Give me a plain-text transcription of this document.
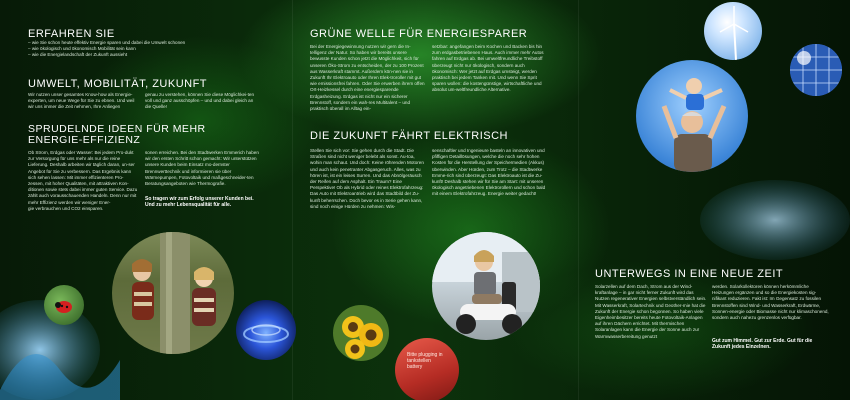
ERFAHREN SIE
– wie Sie schon heute effektiv Energie sparen und dabei die Umwelt schonen
– wie ökologisch und ökonomisch Mobilität sein kann
– wie die Energielandschaft der Zukunft aussieht
UMWELT, MOBILITÄT, ZUKUNFT

Wir nutzen unser gesamtes Know-how als Energie-experten, um neue Wege für Sie zu ebnen. Und weil wir uns immer die Zeit nehmen, Ihre Anliegen

genau zu verstehen, können Sie diese Möglichkei-ten voll und ganz ausschöpfen – und und dabei gleich an die Quelle!

SPRUDELNDE IDEEN FÜR MEHR ENERGIE-EFFIZIENZ

Ob Strom, Erdgas oder Wasser: Bei jedem Pro-dukt zur Versorgung für uns mehr als nur die reine Lieferung. Deshalb arbeiten wir täglich daran, un-ser Angebot für Sie zu verbessern. Das Ergebnis kann sich sehen lassen: Mit immer effizienteren Pro-zessen, mit hoher Qualitäten, mit attraktiven Kon-ditionen sowie stets dabei immer guten Service. Dazu zählt auch vorausschauenden Handeln. Denn nur mit mehr Effizienz werden wir weniger Ener-

gie verbrauchen und CO2 einsparen.

sonen erreichen. Bei den Stadtwerken Emmerich haben wir den ersten Schritt schon gemacht: Wir unterstützen unsere Kunden beim Einsatz mo-dernster Brennwerttechnik und informieren sie über Wärmepumpen, Fotovoltaik und maßgeschneider-ten Beratungsangeboten wie Thermografie.

So tragen wir zum Erfolg unserer Kunden bei. Und zu mehr Lebensqualität für alle.

GRÜNE WELLE FÜR ENERGIESPARER

Bei der Energiegewinnung nutzen wir gern die In-telligenz der Natur. So haben wir bereits unsere bewusste Kunden schon jetzt die Möglichkeit, sich für unseren Öko-Strom zu entscheiden, der zu 100 Prozent aus Wasserkraft stammt. Außerdem kön-nen sie in Zukunft Ihr Elektroauto oder Ihren Elek-troroller mit gut wie emissionsfrei fahren. Oder Sie erwerben ihrem offen Ort-Heizkessel durch eine energiesparende Erdgasheizung. Erdgas ist nicht nur ein sicherer Brennstoff, sondern ein wah-res Multitalent – und praktisch überall im Alltag ein-

setzbar: angefangen beim Kochen und Backen bis hin zum erdgasbetriebenen Haus. Auch immer mehr Autos fahren auf Erdgas ab. Bei umweltfreundliche Treibstoff überzeugt nicht nur ökologisch, sondern auch ökonomisch: Wer jetzt auf Erdgas umsteigt, werden praktisch bei jedem Tanken mit. Und wenn Sie Sprit sparen wollen: die kostengünstige, wirtschaftliche und absolut um-weltfreundliche Alternative.

DIE ZUKUNFT FÄHRT ELEKTRISCH

Stellen Sie sich vor: Sie gehen durch die Stadt. Die Straßen sind nicht weniger belebt als sonst. Au-toa, wohin man schaut. Und doch: Keine röhrenden Motoren und auch kein penetranter Abgasgeruch. Alles, was zu hören ist, ist ein leises Surren. Und das Abnölgeräusch der Reifen auf dem Asphalt. Ein Traum? Eine Perspektive! Ob als Hybrid oder reines Elektrofahrzeug: Das Auto mit Elektroantrieb wird das Stadtbild der Zu-kunft beherrschen. Doch bevor es in Serie gehen kann, sind noch einige Hürden zu nehmen: Wis-

senschaftler und Ingenieure basteln an innovativen und pfiffigen Detaillösungen, welche die noch sehr hohen Kosten für die Herstellung der Speichermedien (Akkus) überwinden. Aber Hürden, zum Trotz – die Stadtwerke Emme-rich sind überzeugt: Das Elektroauto ist die Zu-kunft! Deshalb stehen wir für Sie am Start: mit unseren ökologisch angetriebenen Elektrorollern und schon bald mit einem Elektrofahrzeug. Energie weiter gedacht!

Bitte plugging in tankstellen battery
UNTERWEGS IN EINE NEUE ZEIT

Solarzellen auf dem Dach, Strom aus der Wind-kraftanlage – in gar nicht ferner Zukunft wird das Nutzen regenerativer Energien selbstverständlich sein. Mit Wasserkraft, Solartechnik und Geother-mie hat die Zukunft der Energie schon begonnen. So haben viele Eigenheimbesitzer bereits heute Fotovoltaik-Anlagen auf ihren Dächern errichtet. Mit thermischen Solaranlagen kann die Energie der Sonne auch zur Warmwasserbereitung genutzt

werden. Solarkollektoren können herkömmliche Heizungen ergänzen und so die Energiekosten sig-nifikant reduzieren. Fakt ist: Im Gegensatz zu fossilen Brennstoffen sind Wind- und Wasserkraft, Erdwärme, Sonnen-energie oder Biomasse nicht nur klimaschonend, sondern auch nahezu grenzenlos verfügbar.

Gut zum Himmel. Gut zur Erde. Gut für die Zukunft jedes Einzelnen.
